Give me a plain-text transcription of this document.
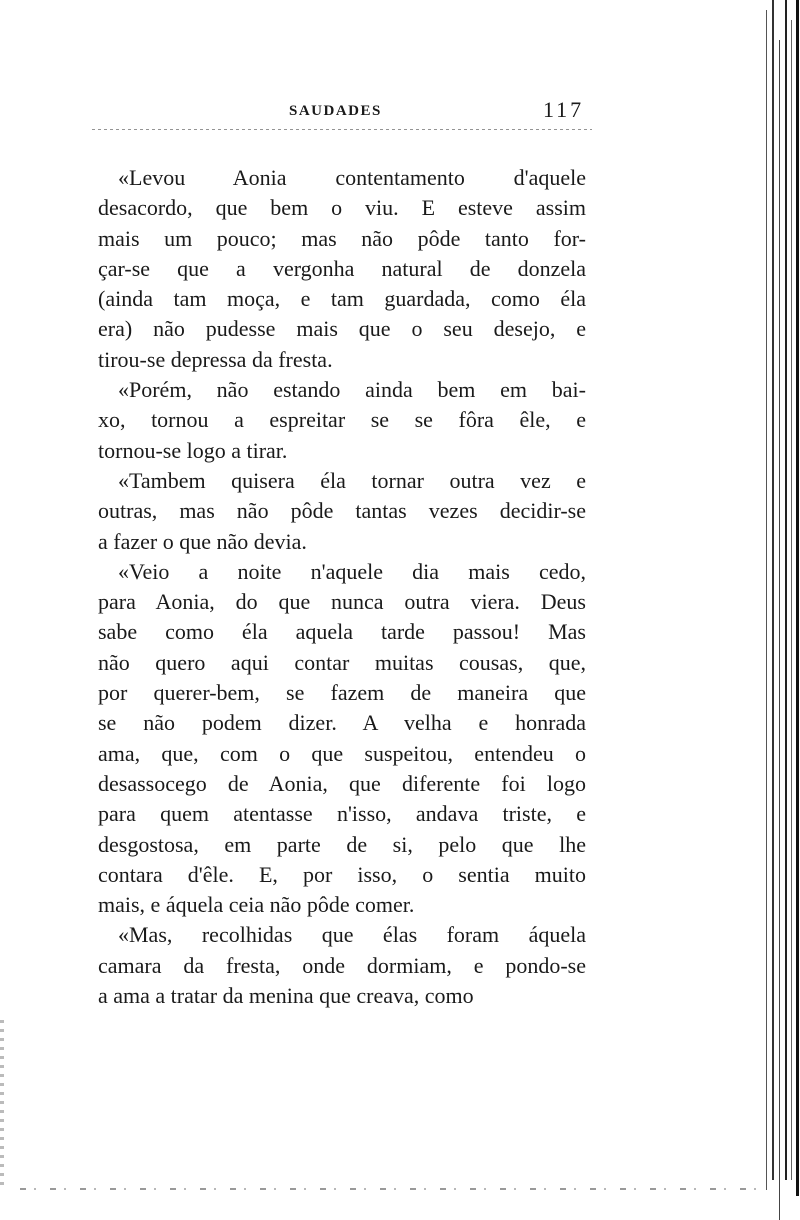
SAUDADES	117
«Levou Aonia contentamento d'aquele
desacordo, que bem o viu. E esteve assim
mais um pouco; mas não pôde tanto for-
çar-se que a vergonha natural de donzela
(ainda tam moça, e tam guardada, como éla
era) não pudesse mais que o seu desejo, e
tirou-se depressa da fresta.
«Porém, não estando ainda bem em bai-
xo, tornou a espreitar se se fôra êle, e
tornou-se logo a tirar.
«Tambem quisera éla tornar outra vez e
outras, mas não pôde tantas vezes decidir-se
a fazer o que não devia.
«Veio a noite n'aquele dia mais cedo,
para Aonia, do que nunca outra viera. Deus
sabe como éla aquela tarde passou! Mas
não quero aqui contar muitas cousas, que,
por querer-bem, se fazem de maneira que
se não podem dizer. A velha e honrada
ama, que, com o que suspeitou, entendeu o
desassocego de Aonia, que diferente foi logo
para quem atentasse n'isso, andava triste, e
desgostosa, em parte de si, pelo que lhe
contara d'êle. E, por isso, o sentia muito
mais, e áquela ceia não pôde comer.
«Mas, recolhidas que élas foram áquela
camara da fresta, onde dormiam, e pondo-se
a ama a tratar da menina que creava, como
